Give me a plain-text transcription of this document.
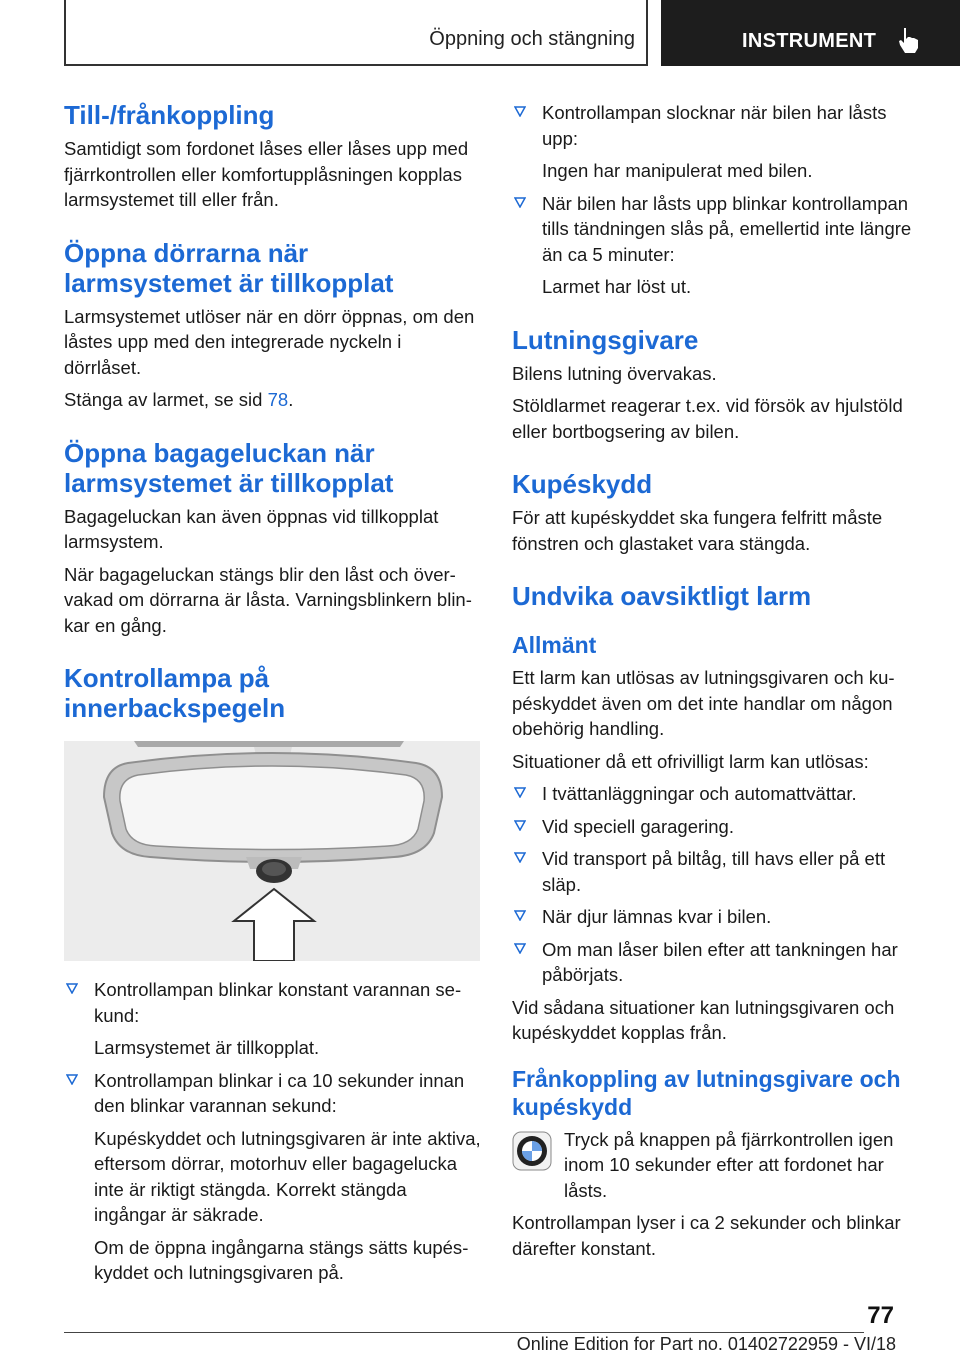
Öppning och stängning	INSTRUMENT
Till-/frånkoppling

Samtidigt som fordonet låses eller låses upp med fjärrkontrollen eller komfortupplåsningen kopplas larmsystemet till eller från.

Öppna dörrarna när larmsystemet är tillkopplat

Larmsystemet utlöser när en dörr öppnas, om den låstes upp med den integrerade nyckeln i dörrlåset.

Stänga av larmet, se sid 78.

Öppna bagageluckan när larmsystemet är tillkopplat

Bagageluckan kan även öppnas vid tillkopplat larmsystem.

När bagageluckan stängs blir den låst och övervakad om dörrarna är låsta. Varningsblinkern blinkar en gång.

Kontrollampa på innerbackspegeln
Kontrollampan blinkar konstant varannan sekund:
Larmsystemet är tillkopplat.
Kontrollampan blinkar i ca 10 sekunder innan den blinkar varannan sekund:
Kupéskyddet och lutningsgivaren är inte aktiva, eftersom dörrar, motorhuv eller bagagelucka inte är riktigt stängda. Korrekt stängda ingångar är säkrade.
Om de öppna ingångarna stängs sätts kupéskyddet och lutningsgivaren på.
Kontrollampan slocknar när bilen har låsts upp:
Ingen har manipulerat med bilen.
När bilen har låsts upp blinkar kontrollampan tills tändningen slås på, emellertid inte längre än ca 5 minuter:
Larmet har löst ut.
Lutningsgivare

Bilens lutning övervakas.

Stöldlarmet reagerar t.ex. vid försök av hjulstöld eller bortbogsering av bilen.

Kupéskydd

För att kupéskyddet ska fungera felfritt måste fönstren och glastaket vara stängda.

Undvika oavsiktligt larm
Allmänt

Ett larm kan utlösas av lutningsgivaren och kupéskyddet även om det inte handlar om någon obehörig handling.

Situationer då ett ofrivilligt larm kan utlösas:

I tvättanläggningar och automattvättar.
Vid speciell garagering.
Vid transport på biltåg, till havs eller på ett släp.
När djur lämnas kvar i bilen.
Om man låser bilen efter att tankningen har påbörjats.

Vid sådana situationer kan lutningsgivaren och kupéskyddet kopplas från.

Frånkoppling av lutningsgivare och kupéskydd

Tryck på knappen på fjärrkontrollen igen inom 10 sekunder efter att fordonet har låsts.

Kontrollampan lyser i ca 2 sekunder och blinkar därefter konstant.

77
Online Edition for Part no. 01402722959 - VI/18
